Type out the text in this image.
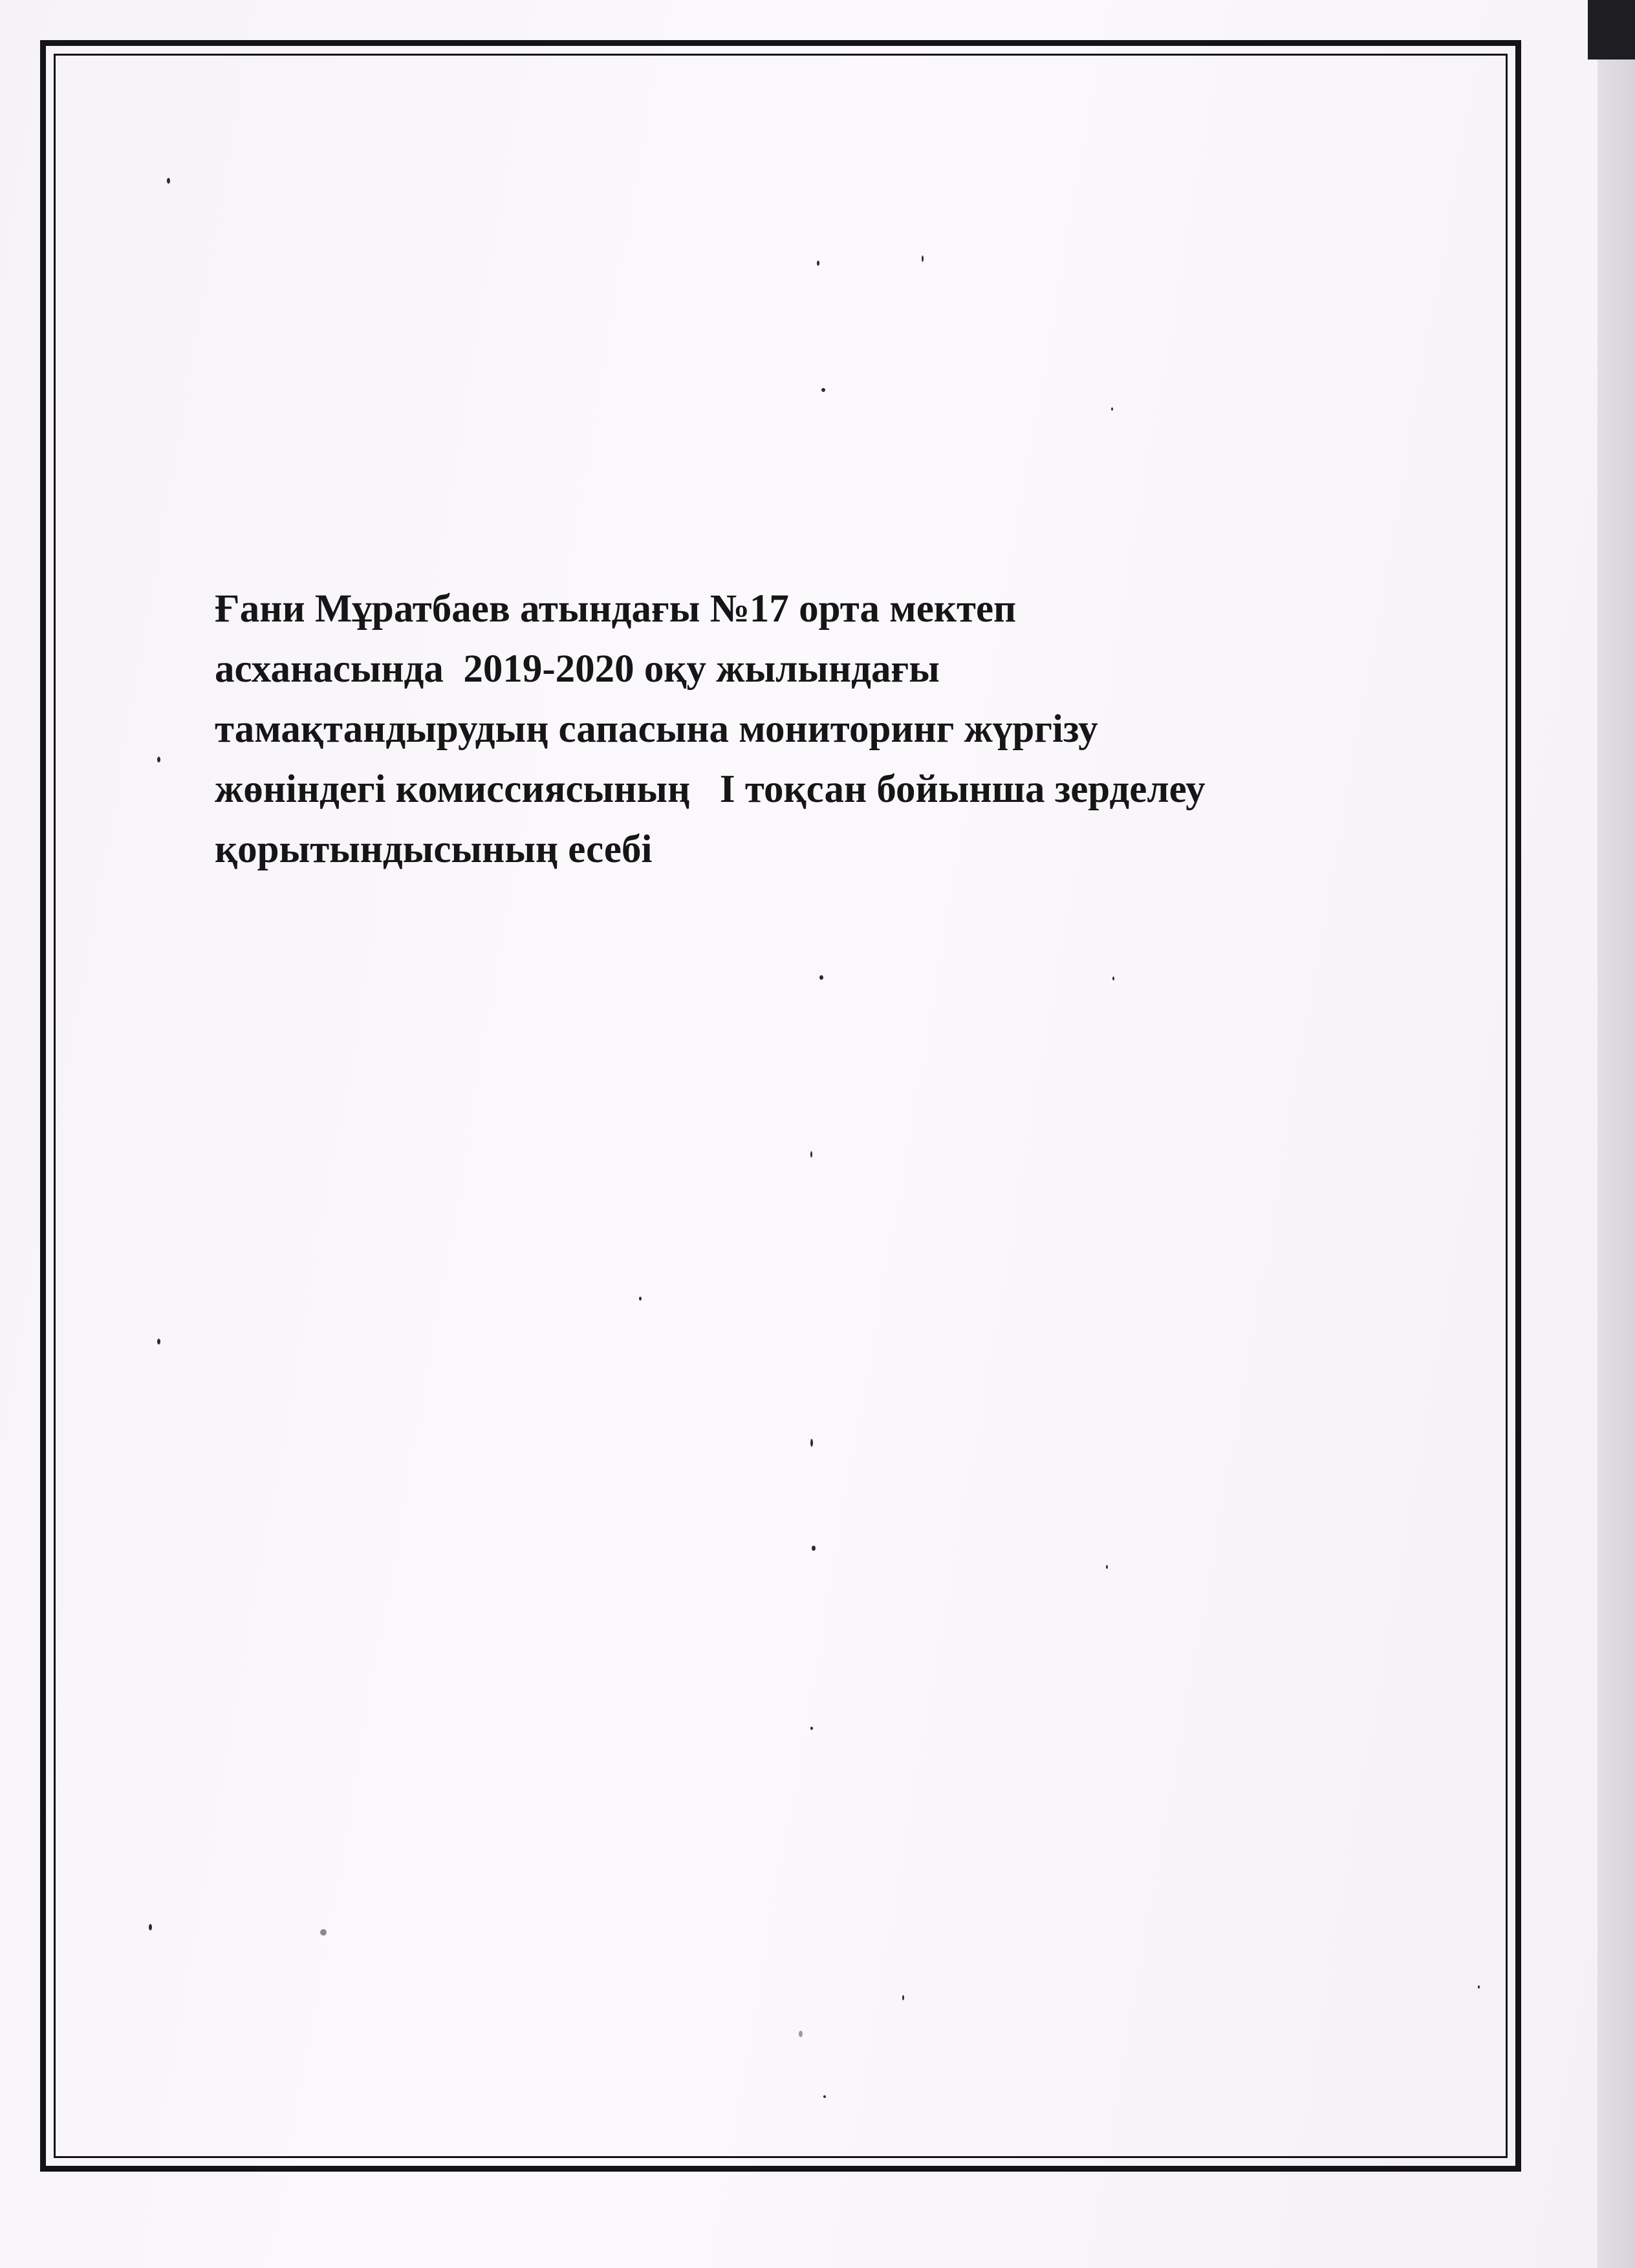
Ғани Мұратбаев атындағы №17 орта мектеп
асханасында  2019-2020 оқу жылындағы
тамақтандырудың сапасына мониторинг жүргізу
жөніндегі комиссиясының   І тоқсан бойынша зерделеу
қорытындысының есебі
